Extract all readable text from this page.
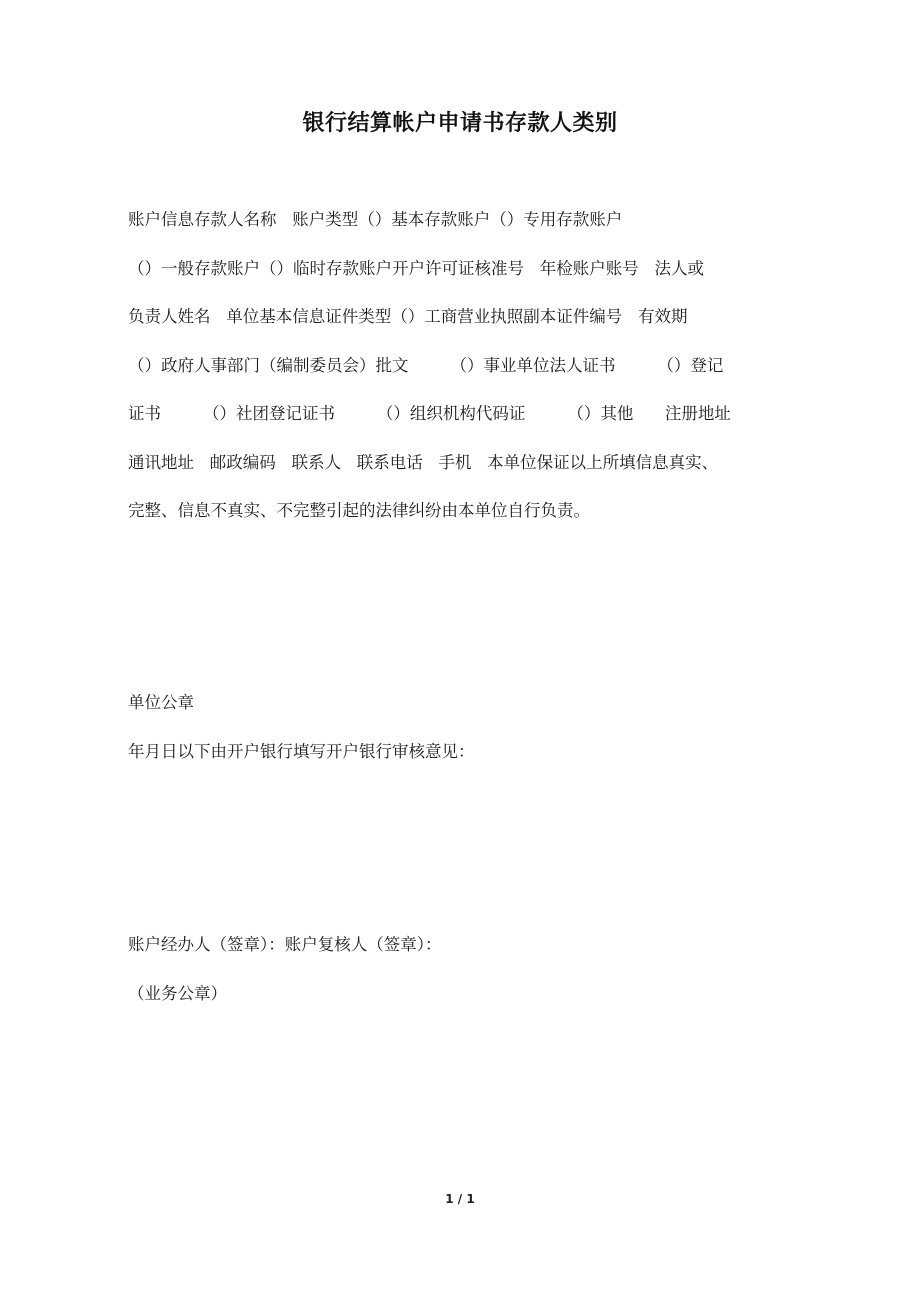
银行结算帐户申请书存款人类别
账户信息存款人名称   账户类型（）基本存款账户（）专用存款账户
（）一般存款账户（）临时存款账户开户许可证核准号   年检账户账号   法人或
负责人姓名   单位基本信息证件类型（）工商营业执照副本证件编号   有效期
（）政府人事部门（编制委员会）批文        （）事业单位法人证书        （）登记
证书        （）社团登记证书        （）组织机构代码证        （）其他      注册地址
通讯地址   邮政编码   联系人   联系电话   手机   本单位保证以上所填信息真实、
完整、信息不真实、不完整引起的法律纠纷由本单位自行负责。
单位公章
年月日以下由开户银行填写开户银行审核意见：
账户经办人（签章）：账户复核人（签章）：
（业务公章）
1 / 1
